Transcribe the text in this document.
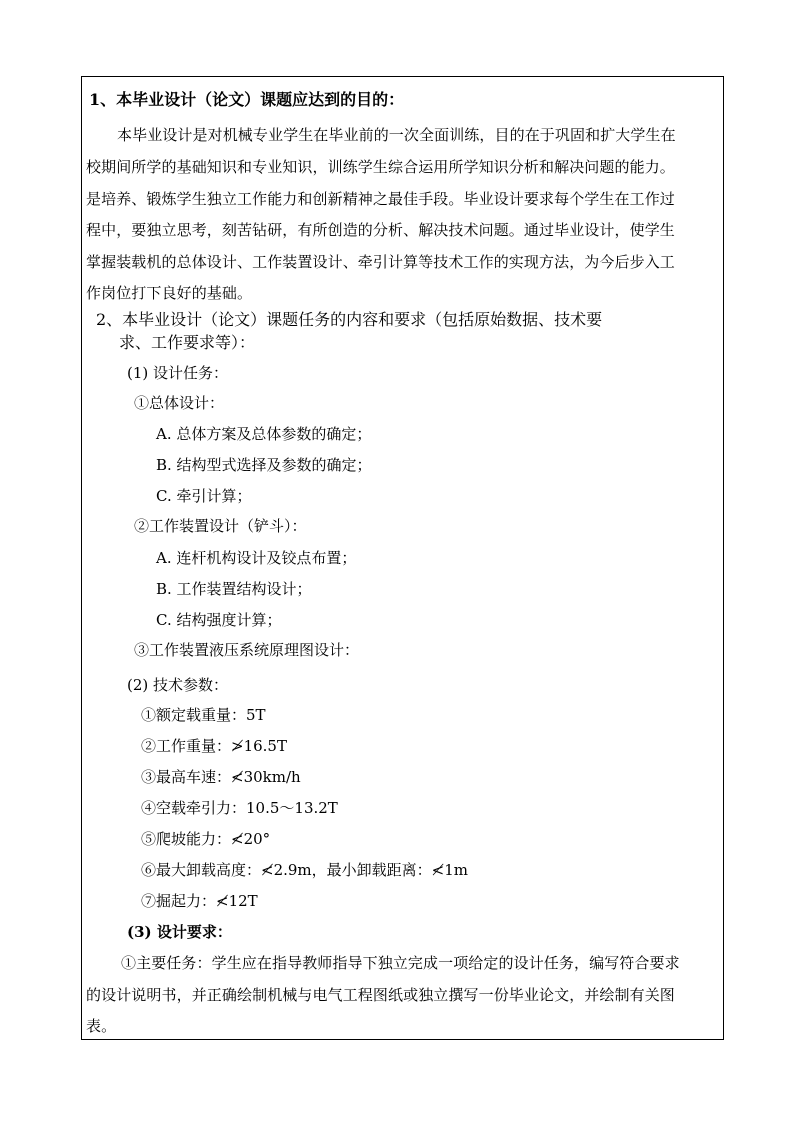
1、本毕业设计（论文）课题应达到的目的：
本毕业设计是对机械专业学生在毕业前的一次全面训练，目的在于巩固和扩大学生在
校期间所学的基础知识和专业知识，训练学生综合运用所学知识分析和解决问题的能力。
是培养、锻炼学生独立工作能力和创新精神之最佳手段。毕业设计要求每个学生在工作过
程中，要独立思考，刻苦钻研，有所创造的分析、解决技术问题。通过毕业设计，使学生
掌握装载机的总体设计、工作装置设计、牵引计算等技术工作的实现方法，为今后步入工
作岗位打下良好的基础。
2、本毕业设计（论文）课题任务的内容和要求（包括原始数据、技术要
求、工作要求等）：
(1) 设计任务：
①总体设计：
A. 总体方案及总体参数的确定；
B. 结构型式选择及参数的确定；
C. 牵引计算；
②工作装置设计（铲斗）：
A. 连杆机构设计及铰点布置；
B. 工作装置结构设计；
C. 结构强度计算；
③工作装置液压系统原理图设计：
(2) 技术参数：
①额定载重量：5T
②工作重量：≯16.5T
③最高车速：≮30km/h
④空载牵引力：10.5～13.2T
⑤爬坡能力：≮20°
⑥最大卸载高度：≮2.9m，最小卸载距离：≮1m
⑦掘起力：≮12T
(3) 设计要求：
①主要任务：学生应在指导教师指导下独立完成一项给定的设计任务，编写符合要求
的设计说明书，并正确绘制机械与电气工程图纸或独立撰写一份毕业论文，并绘制有关图
表。
